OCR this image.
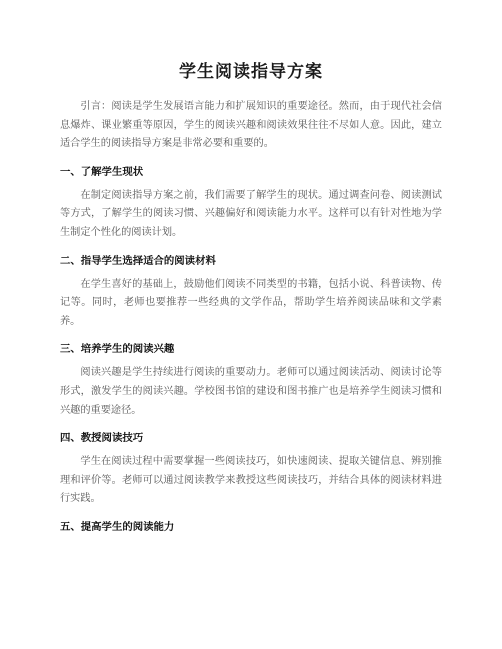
学生阅读指导方案

引言：阅读是学生发展语言能力和扩展知识的重要途径。然而，由于现代社会信息爆炸、课业繁重等原因，学生的阅读兴趣和阅读效果往往不尽如人意。因此，建立适合学生的阅读指导方案是非常必要和重要的。

一、了解学生现状

在制定阅读指导方案之前，我们需要了解学生的现状。通过调查问卷、阅读测试等方式，了解学生的阅读习惯、兴趣偏好和阅读能力水平。这样可以有针对性地为学生制定个性化的阅读计划。

二、指导学生选择适合的阅读材料

在学生喜好的基础上，鼓励他们阅读不同类型的书籍，包括小说、科普读物、传记等。同时，老师也要推荐一些经典的文学作品，帮助学生培养阅读品味和文学素养。

三、培养学生的阅读兴趣

阅读兴趣是学生持续进行阅读的重要动力。老师可以通过阅读活动、阅读讨论等形式，激发学生的阅读兴趣。学校图书馆的建设和图书推广也是培养学生阅读习惯和兴趣的重要途径。

四、教授阅读技巧

学生在阅读过程中需要掌握一些阅读技巧，如快速阅读、提取关键信息、辨别推理和评价等。老师可以通过阅读教学来教授这些阅读技巧，并结合具体的阅读材料进行实践。

五、提高学生的阅读能力
